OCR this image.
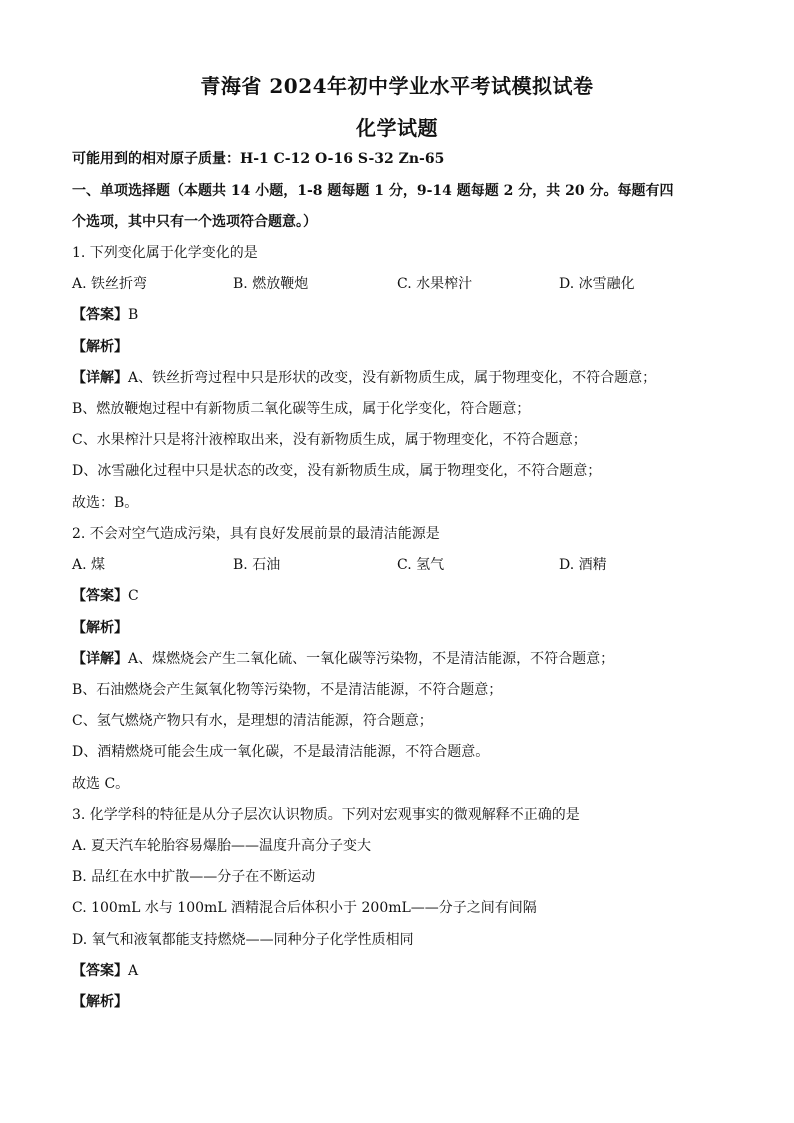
青海省 2024年初中学业水平考试模拟试卷
化学试题
可能用到的相对原子质量：H-1 C-12 O-16 S-32 Zn-65
一、单项选择题（本题共 14 小题，1-8 题每题 1 分，9-14 题每题 2 分，共 20 分。每题有四
个选项，其中只有一个选项符合题意。）
1. 下列变化属于化学变化的是
A. 铁丝折弯	B. 燃放鞭炮	C. 水果榨汁	D. 冰雪融化
【答案】B
【解析】
【详解】A、铁丝折弯过程中只是形状的改变，没有新物质生成，属于物理变化，不符合题意；
B、燃放鞭炮过程中有新物质二氧化碳等生成，属于化学变化，符合题意；
C、水果榨汁只是将汁液榨取出来，没有新物质生成，属于物理变化，不符合题意；
D、冰雪融化过程中只是状态的改变，没有新物质生成，属于物理变化，不符合题意；
故选：B。
2. 不会对空气造成污染，具有良好发展前景的最清洁能源是
A. 煤	B. 石油	C. 氢气	D. 酒精
【答案】C
【解析】
【详解】A、煤燃烧会产生二氧化硫、一氧化碳等污染物，不是清洁能源，不符合题意；
B、石油燃烧会产生氮氧化物等污染物，不是清洁能源，不符合题意；
C、氢气燃烧产物只有水，是理想的清洁能源，符合题意；
D、酒精燃烧可能会生成一氧化碳，不是最清洁能源，不符合题意。
故选 C。
3. 化学学科的特征是从分子层次认识物质。下列对宏观事实的微观解释不正确的是
A. 夏天汽车轮胎容易爆胎——温度升高分子变大
B. 品红在水中扩散——分子在不断运动
C. 100mL 水与 100mL 酒精混合后体积小于 200mL——分子之间有间隔
D. 氧气和液氧都能支持燃烧——同种分子化学性质相同
【答案】A
【解析】
